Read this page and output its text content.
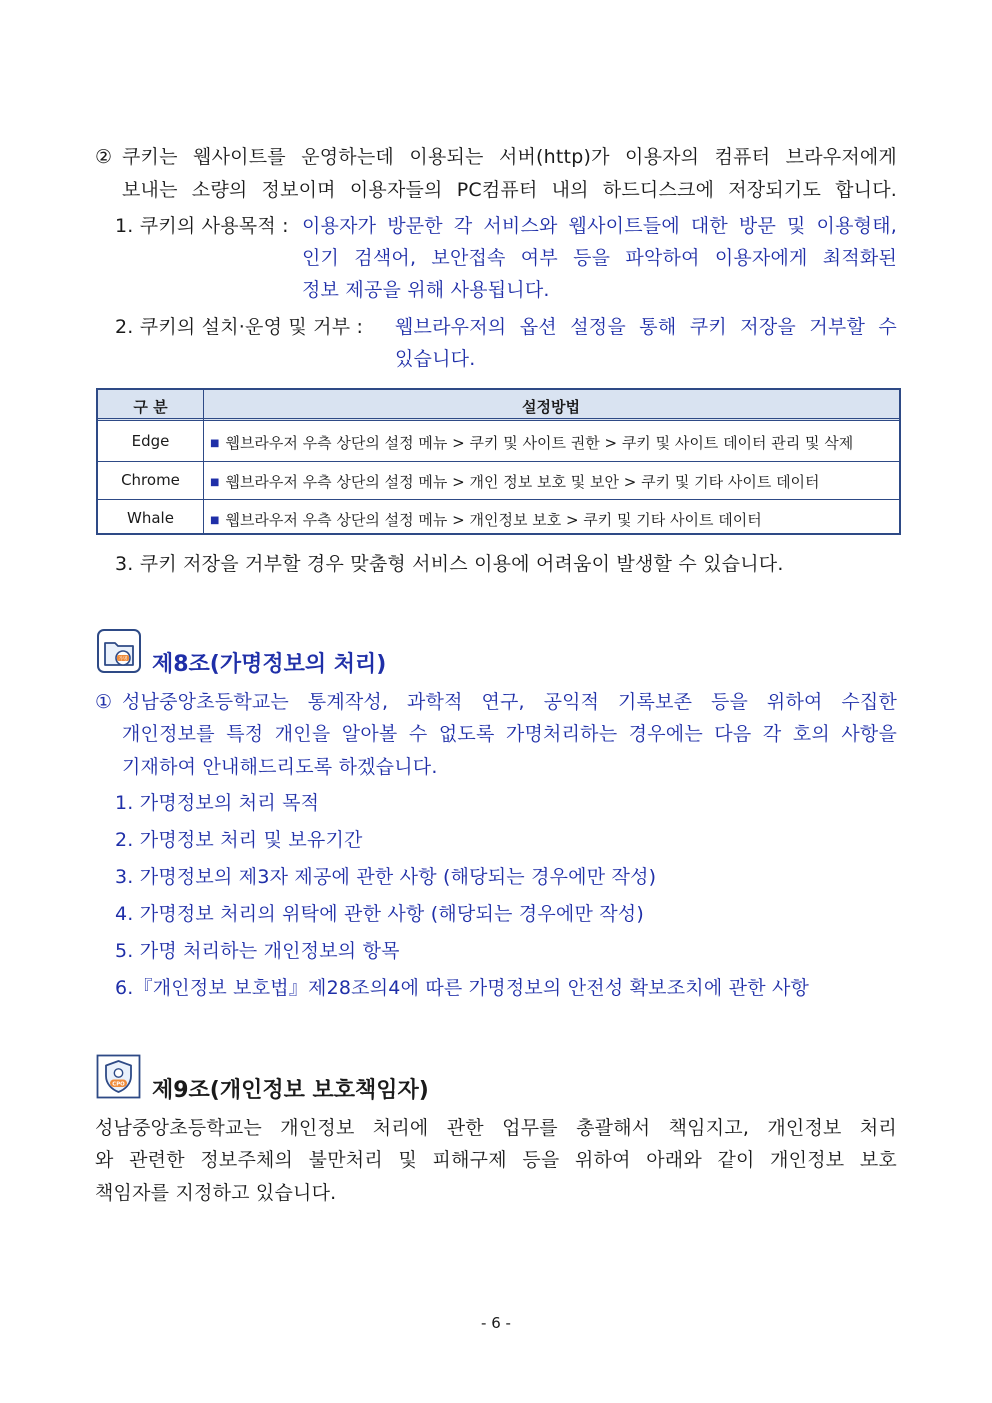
② 쿠키는 웹사이트를 운영하는데 이용되는 서버(http)가 이용자의 컴퓨터 브라우저에게
보내는 소량의 정보이며 이용자들의 PC컴퓨터 내의 하드디스크에 저장되기도 합니다.
1. 쿠키의 사용목적 : 이용자가 방문한 각 서비스와 웹사이트들에 대한 방문 및 이용형태,
인기 검색어, 보안접속 여부 등을 파악하여 이용자에게 최적화된
정보 제공을 위해 사용됩니다.
2. 쿠키의 설치·운영 및 거부 : 웹브라우저의 옵션 설정을 통해 쿠키 저장을 거부할 수
있습니다.
구 분	설정방법
Edge	■ 웹브라우저 우측 상단의 설정 메뉴 > 쿠키 및 사이트 권한 > 쿠키 및 사이트 데이터 관리 및 삭제
Chrome	■ 웹브라우저 우측 상단의 설정 메뉴 > 개인 정보 보호 및 보안 > 쿠키 및 기타 사이트 데이터
Whale	■ 웹브라우저 우측 상단의 설정 메뉴 > 개인정보 보호 > 쿠키 및 기타 사이트 데이터
3. 쿠키 저장을 거부할 경우 맞춤형 서비스 이용에 어려움이 발생할 수 있습니다.
가명 제8조(가명정보의 처리)
① 성남중앙초등학교는 통계작성, 과학적 연구, 공익적 기록보존 등을 위하여 수집한
개인정보를 특정 개인을 알아볼 수 없도록 가명처리하는 경우에는 다음 각 호의 사항을
기재하여 안내해드리도록 하겠습니다.
1. 가명정보의 처리 목적
2. 가명정보 처리 및 보유기간
3. 가명정보의 제3자 제공에 관한 사항 (해당되는 경우에만 작성)
4. 가명정보 처리의 위탁에 관한 사항 (해당되는 경우에만 작성)
5. 가명 처리하는 개인정보의 항목
6.『개인정보 보호법』제28조의4에 따른 가명정보의 안전성 확보조치에 관한 사항
CPO 제9조(개인정보 보호책임자)
성남중앙초등학교는 개인정보 처리에 관한 업무를 총괄해서 책임지고, 개인정보 처리
와 관련한 정보주체의 불만처리 및 피해구제 등을 위하여 아래와 같이 개인정보 보호
책임자를 지정하고 있습니다.
- 6 -
